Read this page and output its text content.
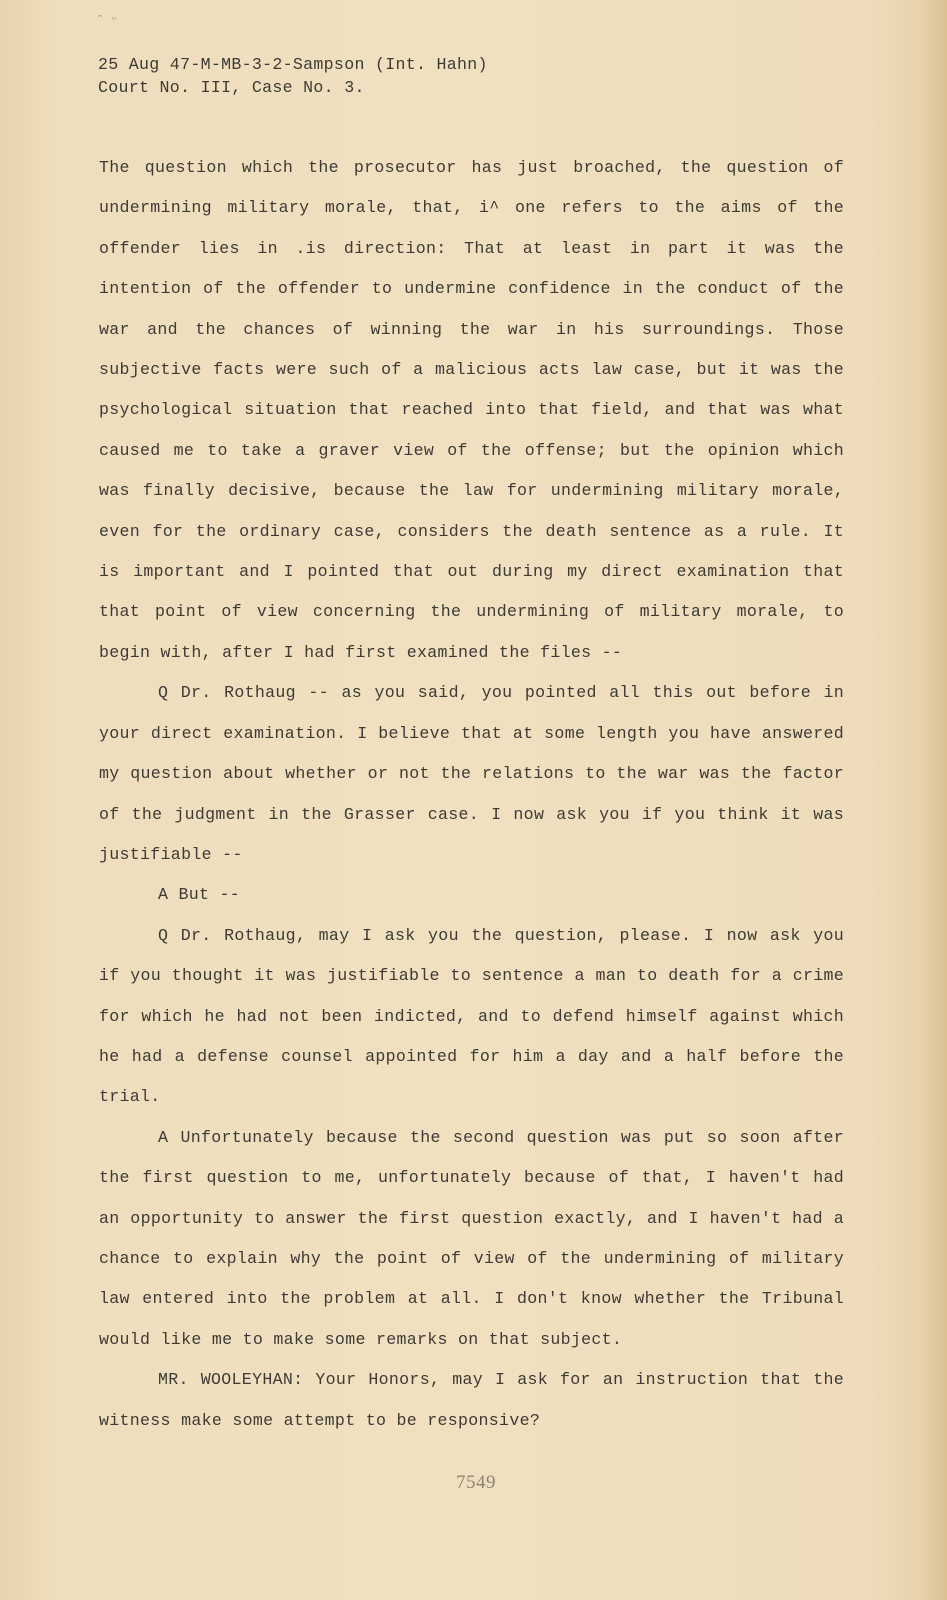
ᵔ ᵕ
25 Aug 47-M-MB-3-2-Sampson (Int. Hahn)
Court No. III, Case No. 3.

The question which the prosecutor has just broached, the question of undermining military morale, that, i^ one refers to the aims of the offender lies in .is direction: That at least in part it was the intention of the offender to undermine confidence in the conduct of the war and the chances of winning the war in his surroundings. Those subjective facts were such of a malicious acts law case, but it was the psychological situation that reached into that field, and that was what caused me to take a graver view of the offense; but the opinion which was finally decisive, because the law for undermining military morale, even for the ordinary case, considers the death sentence as a rule. It is important and I pointed that out during my direct examination that that point of view concerning the undermining of military morale, to begin with, after I had first examined the files --

Q Dr. Rothaug -- as you said, you pointed all this out before in your direct examination. I believe that at some length you have answered my question about whether or not the relations to the war was the factor of the judgment in the Grasser case. I now ask you if you think it was justifiable --

A But --

Q Dr. Rothaug, may I ask you the question, please. I now ask you if you thought it was justifiable to sentence a man to death for a crime for which he had not been indicted, and to defend himself against which he had a defense counsel appointed for him a day and a half before the trial.

A Unfortunately because the second question was put so soon after the first question to me, unfortunately because of that, I haven't had an opportunity to answer the first question exactly, and I haven't had a chance to explain why the point of view of the undermining of military law entered into the problem at all. I don't know whether the Tribunal would like me to make some remarks on that subject.

MR. WOOLEYHAN: Your Honors, may I ask for an instruction that the witness make some attempt to be responsive?

7549
